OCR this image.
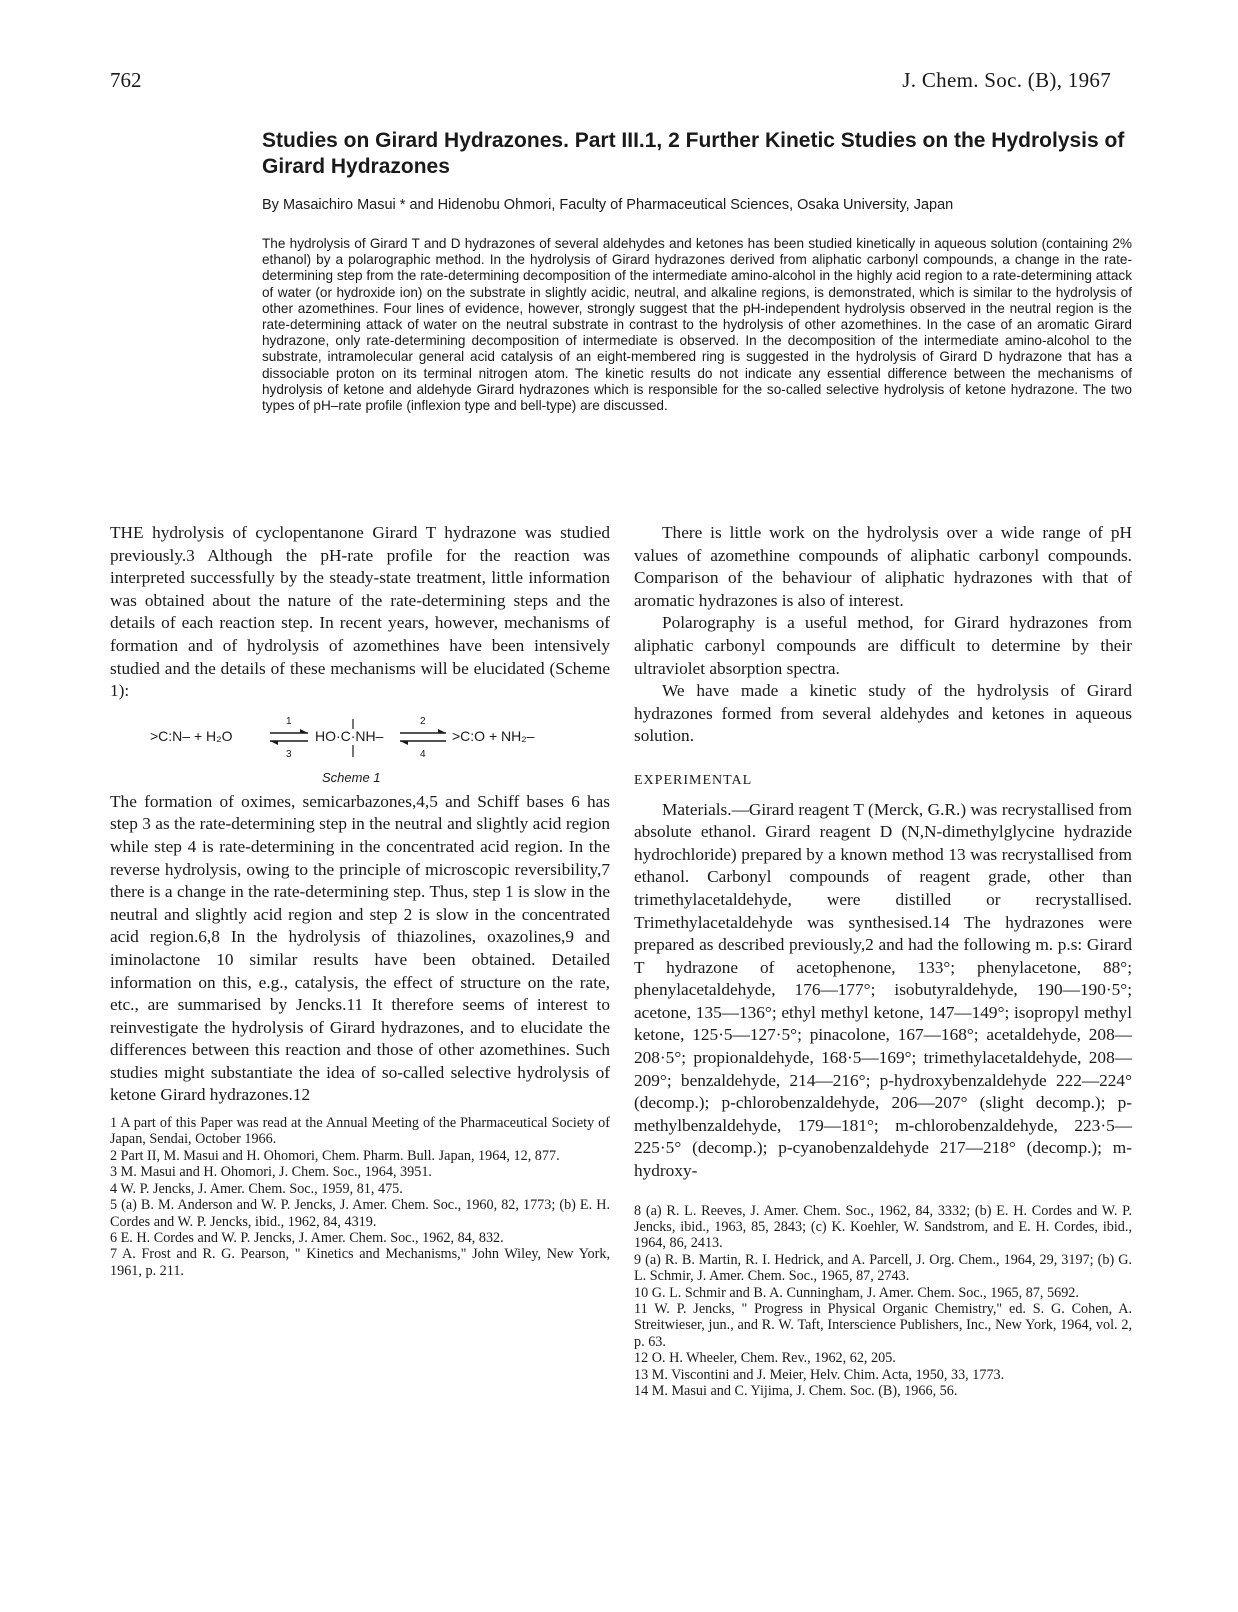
762	J. Chem. Soc. (B), 1967
Studies on Girard Hydrazones. Part III.1, 2 Further Kinetic Studies on the Hydrolysis of Girard Hydrazones
By Masaichiro Masui * and Hidenobu Ohmori, Faculty of Pharmaceutical Sciences, Osaka University, Japan
The hydrolysis of Girard T and D hydrazones of several aldehydes and ketones has been studied kinetically in aqueous solution (containing 2% ethanol) by a polarographic method. In the hydrolysis of Girard hydrazones derived from aliphatic carbonyl compounds, a change in the rate-determining step from the rate-determining decomposition of the intermediate amino-alcohol in the highly acid region to a rate-determining attack of water (or hydroxide ion) on the substrate in slightly acidic, neutral, and alkaline regions, is demonstrated, which is similar to the hydrolysis of other azomethines. Four lines of evidence, however, strongly suggest that the pH-independent hydrolysis observed in the neutral region is the rate-determining attack of water on the neutral substrate in contrast to the hydrolysis of other azomethines. In the case of an aromatic Girard hydrazone, only rate-determining decomposition of intermediate is observed. In the decomposition of the intermediate amino-alcohol to the substrate, intramolecular general acid catalysis of an eight-membered ring is suggested in the hydrolysis of Girard D hydrazone that has a dissociable proton on its terminal nitrogen atom. The kinetic results do not indicate any essential difference between the mechanisms of hydrolysis of ketone and aldehyde Girard hydrazones which is responsible for the so-called selective hydrolysis of ketone hydrazone. The two types of pH–rate profile (inflexion type and bell-type) are discussed.

THE hydrolysis of cyclopentanone Girard T hydrazone was studied previously.3 Although the pH-rate profile for the reaction was interpreted successfully by the steady-state treatment, little information was obtained about the nature of the rate-determining steps and the details of each reaction step. In recent years, however, mechanisms of formation and of hydrolysis of azomethines have been intensively studied and the details of these mechanisms will be elucidated (Scheme 1):

>C:N– + H₂O
1
3
HO·C·NH–
2
4
>C:O + NH₂–
Scheme 1

The formation of oximes, semicarbazones,4,5 and Schiff bases 6 has step 3 as the rate-determining step in the neutral and slightly acid region while step 4 is rate-determining in the concentrated acid region. In the reverse hydrolysis, owing to the principle of microscopic reversibility,7 there is a change in the rate-determining step. Thus, step 1 is slow in the neutral and slightly acid region and step 2 is slow in the concentrated acid region.6,8 In the hydrolysis of thiazolines, oxazolines,9 and iminolactone 10 similar results have been obtained. Detailed information on this, e.g., catalysis, the effect of structure on the rate, etc., are summarised by Jencks.11 It therefore seems of interest to reinvestigate the hydrolysis of Girard hydrazones, and to elucidate the differences between this reaction and those of other azomethines. Such studies might substantiate the idea of so-called selective hydrolysis of ketone Girard hydrazones.12

1 A part of this Paper was read at the Annual Meeting of the Pharmaceutical Society of Japan, Sendai, October 1966.

2 Part II, M. Masui and H. Ohomori, Chem. Pharm. Bull. Japan, 1964, 12, 877.

3 M. Masui and H. Ohomori, J. Chem. Soc., 1964, 3951.

4 W. P. Jencks, J. Amer. Chem. Soc., 1959, 81, 475.

5 (a) B. M. Anderson and W. P. Jencks, J. Amer. Chem. Soc., 1960, 82, 1773; (b) E. H. Cordes and W. P. Jencks, ibid., 1962, 84, 4319.

6 E. H. Cordes and W. P. Jencks, J. Amer. Chem. Soc., 1962, 84, 832.

7 A. Frost and R. G. Pearson, " Kinetics and Mechanisms," John Wiley, New York, 1961, p. 211.

There is little work on the hydrolysis over a wide range of pH values of azomethine compounds of aliphatic carbonyl compounds. Comparison of the behaviour of aliphatic hydrazones with that of aromatic hydrazones is also of interest.

Polarography is a useful method, for Girard hydrazones from aliphatic carbonyl compounds are difficult to determine by their ultraviolet absorption spectra.

We have made a kinetic study of the hydrolysis of Girard hydrazones formed from several aldehydes and ketones in aqueous solution.

EXPERIMENTAL

Materials.—Girard reagent T (Merck, G.R.) was recrystallised from absolute ethanol. Girard reagent D (N,N-dimethylglycine hydrazide hydrochloride) prepared by a known method 13 was recrystallised from ethanol. Carbonyl compounds of reagent grade, other than trimethylacetaldehyde, were distilled or recrystallised. Trimethylacetaldehyde was synthesised.14 The hydrazones were prepared as described previously,2 and had the following m. p.s: Girard T hydrazone of acetophenone, 133°; phenylacetone, 88°; phenylacetaldehyde, 176—177°; isobutyraldehyde, 190—190·5°; acetone, 135—136°; ethyl methyl ketone, 147—149°; isopropyl methyl ketone, 125·5—127·5°; pinacolone, 167—168°; acetaldehyde, 208—208·5°; propionaldehyde, 168·5—169°; trimethylacetaldehyde, 208—209°; benzaldehyde, 214—216°; p-hydroxybenzaldehyde 222—224° (decomp.); p-chlorobenzaldehyde, 206—207° (slight decomp.); p-methylbenzaldehyde, 179—181°; m-chlorobenzaldehyde, 223·5—225·5° (decomp.); p-cyanobenzaldehyde 217—218° (decomp.); m-hydroxy-

8 (a) R. L. Reeves, J. Amer. Chem. Soc., 1962, 84, 3332; (b) E. H. Cordes and W. P. Jencks, ibid., 1963, 85, 2843; (c) K. Koehler, W. Sandstrom, and E. H. Cordes, ibid., 1964, 86, 2413.

9 (a) R. B. Martin, R. I. Hedrick, and A. Parcell, J. Org. Chem., 1964, 29, 3197; (b) G. L. Schmir, J. Amer. Chem. Soc., 1965, 87, 2743.

10 G. L. Schmir and B. A. Cunningham, J. Amer. Chem. Soc., 1965, 87, 5692.

11 W. P. Jencks, " Progress in Physical Organic Chemistry," ed. S. G. Cohen, A. Streitwieser, jun., and R. W. Taft, Interscience Publishers, Inc., New York, 1964, vol. 2, p. 63.

12 O. H. Wheeler, Chem. Rev., 1962, 62, 205.

13 M. Viscontini and J. Meier, Helv. Chim. Acta, 1950, 33, 1773.

14 M. Masui and C. Yijima, J. Chem. Soc. (B), 1966, 56.
